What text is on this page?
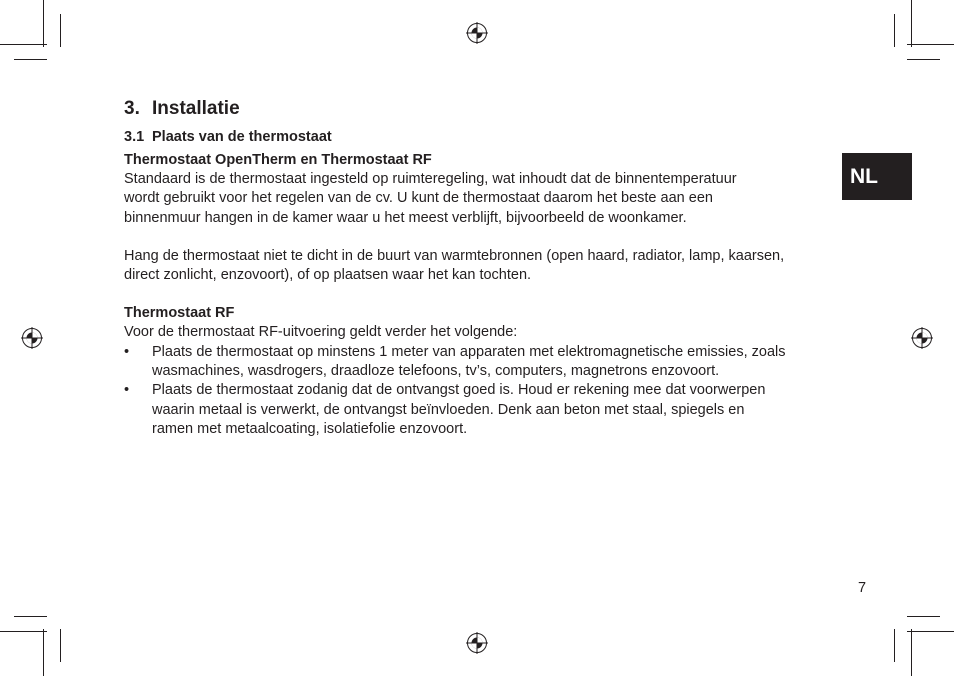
3. Installatie
3.1 Plaats van de thermostaat
Thermostaat OpenTherm en Thermostaat RF
Standaard is de thermostaat ingesteld op ruimteregeling, wat inhoudt dat de binnentemperatuur
wordt gebruikt voor het regelen van de cv. U kunt de thermostaat daarom het beste aan een
binnenmuur hangen in de kamer waar u het meest verblijft, bijvoorbeeld de woonkamer.
Hang de thermostaat niet te dicht in de buurt van warmtebronnen (open haard, radiator, lamp, kaarsen,
direct zonlicht, enzovoort), of op plaatsen waar het kan tochten.
Thermostaat RF
Voor de thermostaat RF-uitvoering geldt verder het volgende:
• Plaats de thermostaat op minstens 1 meter van apparaten met elektromagnetische emissies, zoals
wasmachines, wasdrogers, draadloze telefoons, tv’s, computers, magnetrons enzovoort.
• Plaats de thermostaat zodanig dat de ontvangst goed is. Houd er rekening mee dat voorwerpen
waarin metaal is verwerkt, de ontvangst beïnvloeden. Denk aan beton met staal, spiegels en
ramen met metaalcoating, isolatiefolie enzovoort.
NL
7
